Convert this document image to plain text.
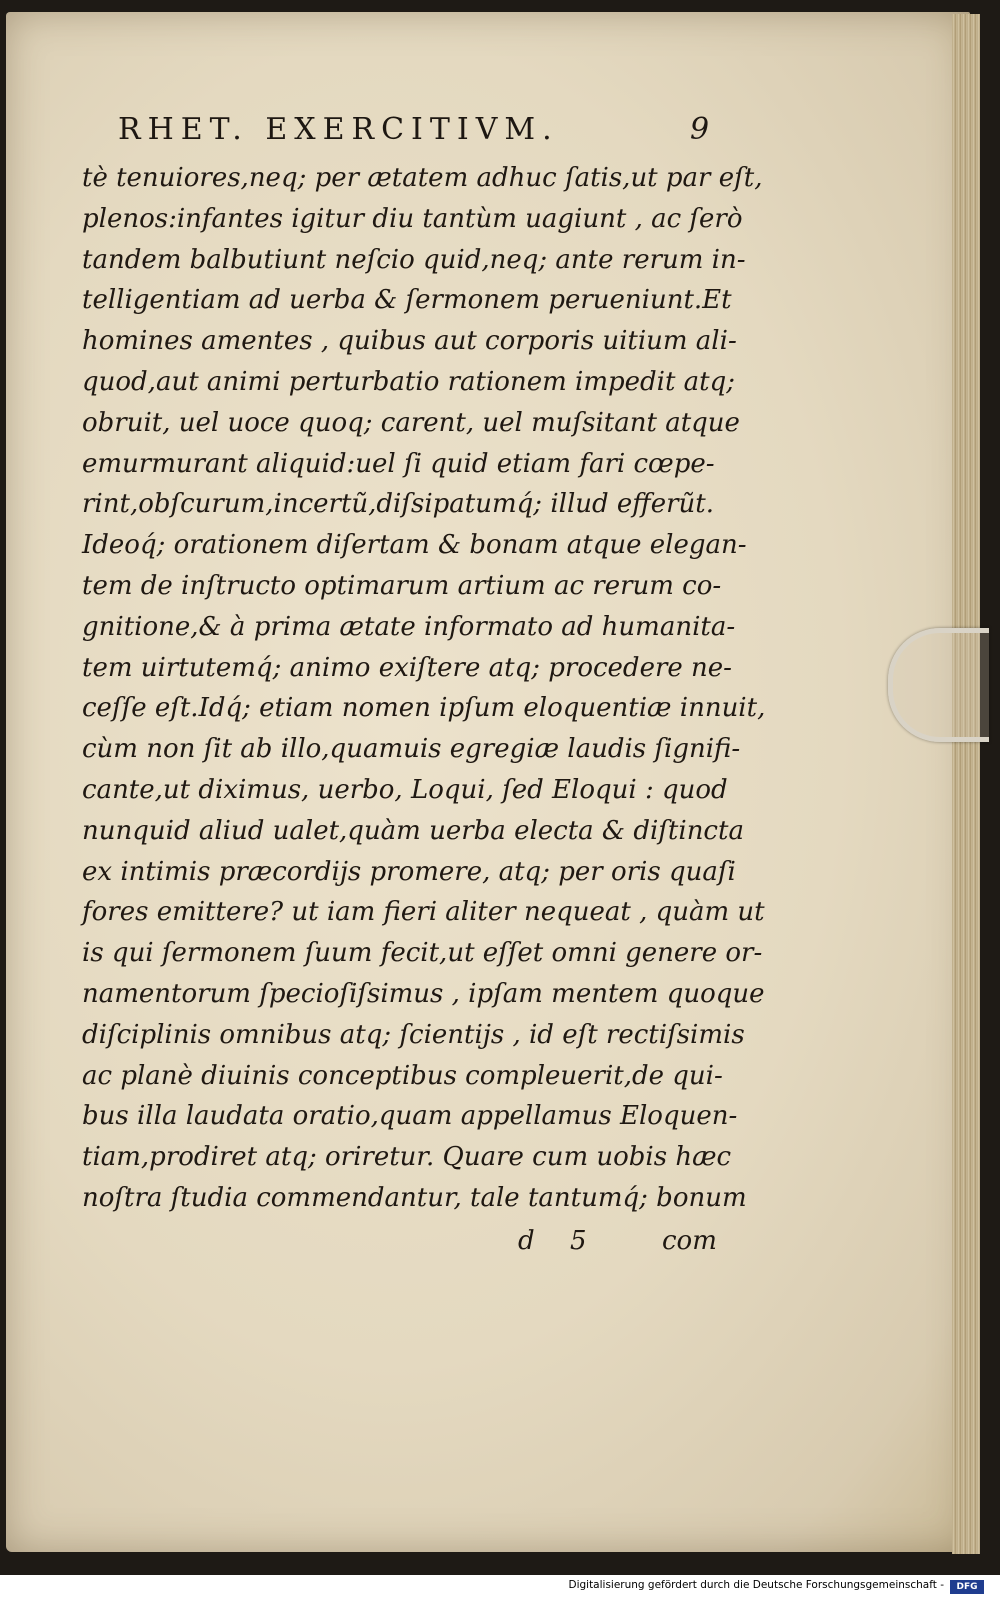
RHET. EXERCITIVM.	9
tè tenuiores,neq; per ætatem adhuc ſatis,ut par eſt,
plenos:infantes igitur diu tantùm uagiunt , ac ſerò
tandem balbutiunt neſcio quid,neq; ante rerum in-
telligentiam ad uerba & ſermonem perueniunt.Et
homines amentes , quibus aut corporis uitium ali-
quod,aut animi perturbatio rationem impedit atq;
obruit, uel uoce quoq; carent, uel muſsitant atque
emurmurant aliquid:uel ſi quid etiam fari cœpe-
rint,obſcurum,incertũ,diſsipatumq́; illud efferũt.
Ideoq́; orationem diſertam & bonam atque elegan-
tem de inſtructo optimarum artium ac rerum co-
gnitione,& à prima ætate informato ad humanita-
tem uirtutemq́; animo exiſtere atq; procedere ne-
ceſſe eſt.Idq́; etiam nomen ipſum eloquentiæ innuit,
cùm non ſit ab illo,quamuis egregiæ laudis ſignifi-
cante,ut diximus, uerbo, Loqui, ſed Eloqui : quod
nunquid aliud ualet,quàm uerba electa & diſtincta
ex intimis præcordijs promere, atq; per oris quaſi
fores emittere? ut iam fieri aliter nequeat , quàm ut
is qui ſermonem ſuum fecit,ut eſſet omni genere or-
namentorum ſpecioſiſsimus , ipſam mentem quoque
diſciplinis omnibus atq; ſcientijs , id eſt rectiſsimis
ac planè diuinis conceptibus compleuerit,de qui-
bus illa laudata oratio,quam appellamus Eloquen-
tiam,prodiret atq; oriretur. Quare cum uobis hæc
noſtra ſtudia commendantur, tale tantumq́; bonum
d 5	com
Digitalisierung gefördert durch die Deutsche Forschungsgemeinschaft -	DFG
